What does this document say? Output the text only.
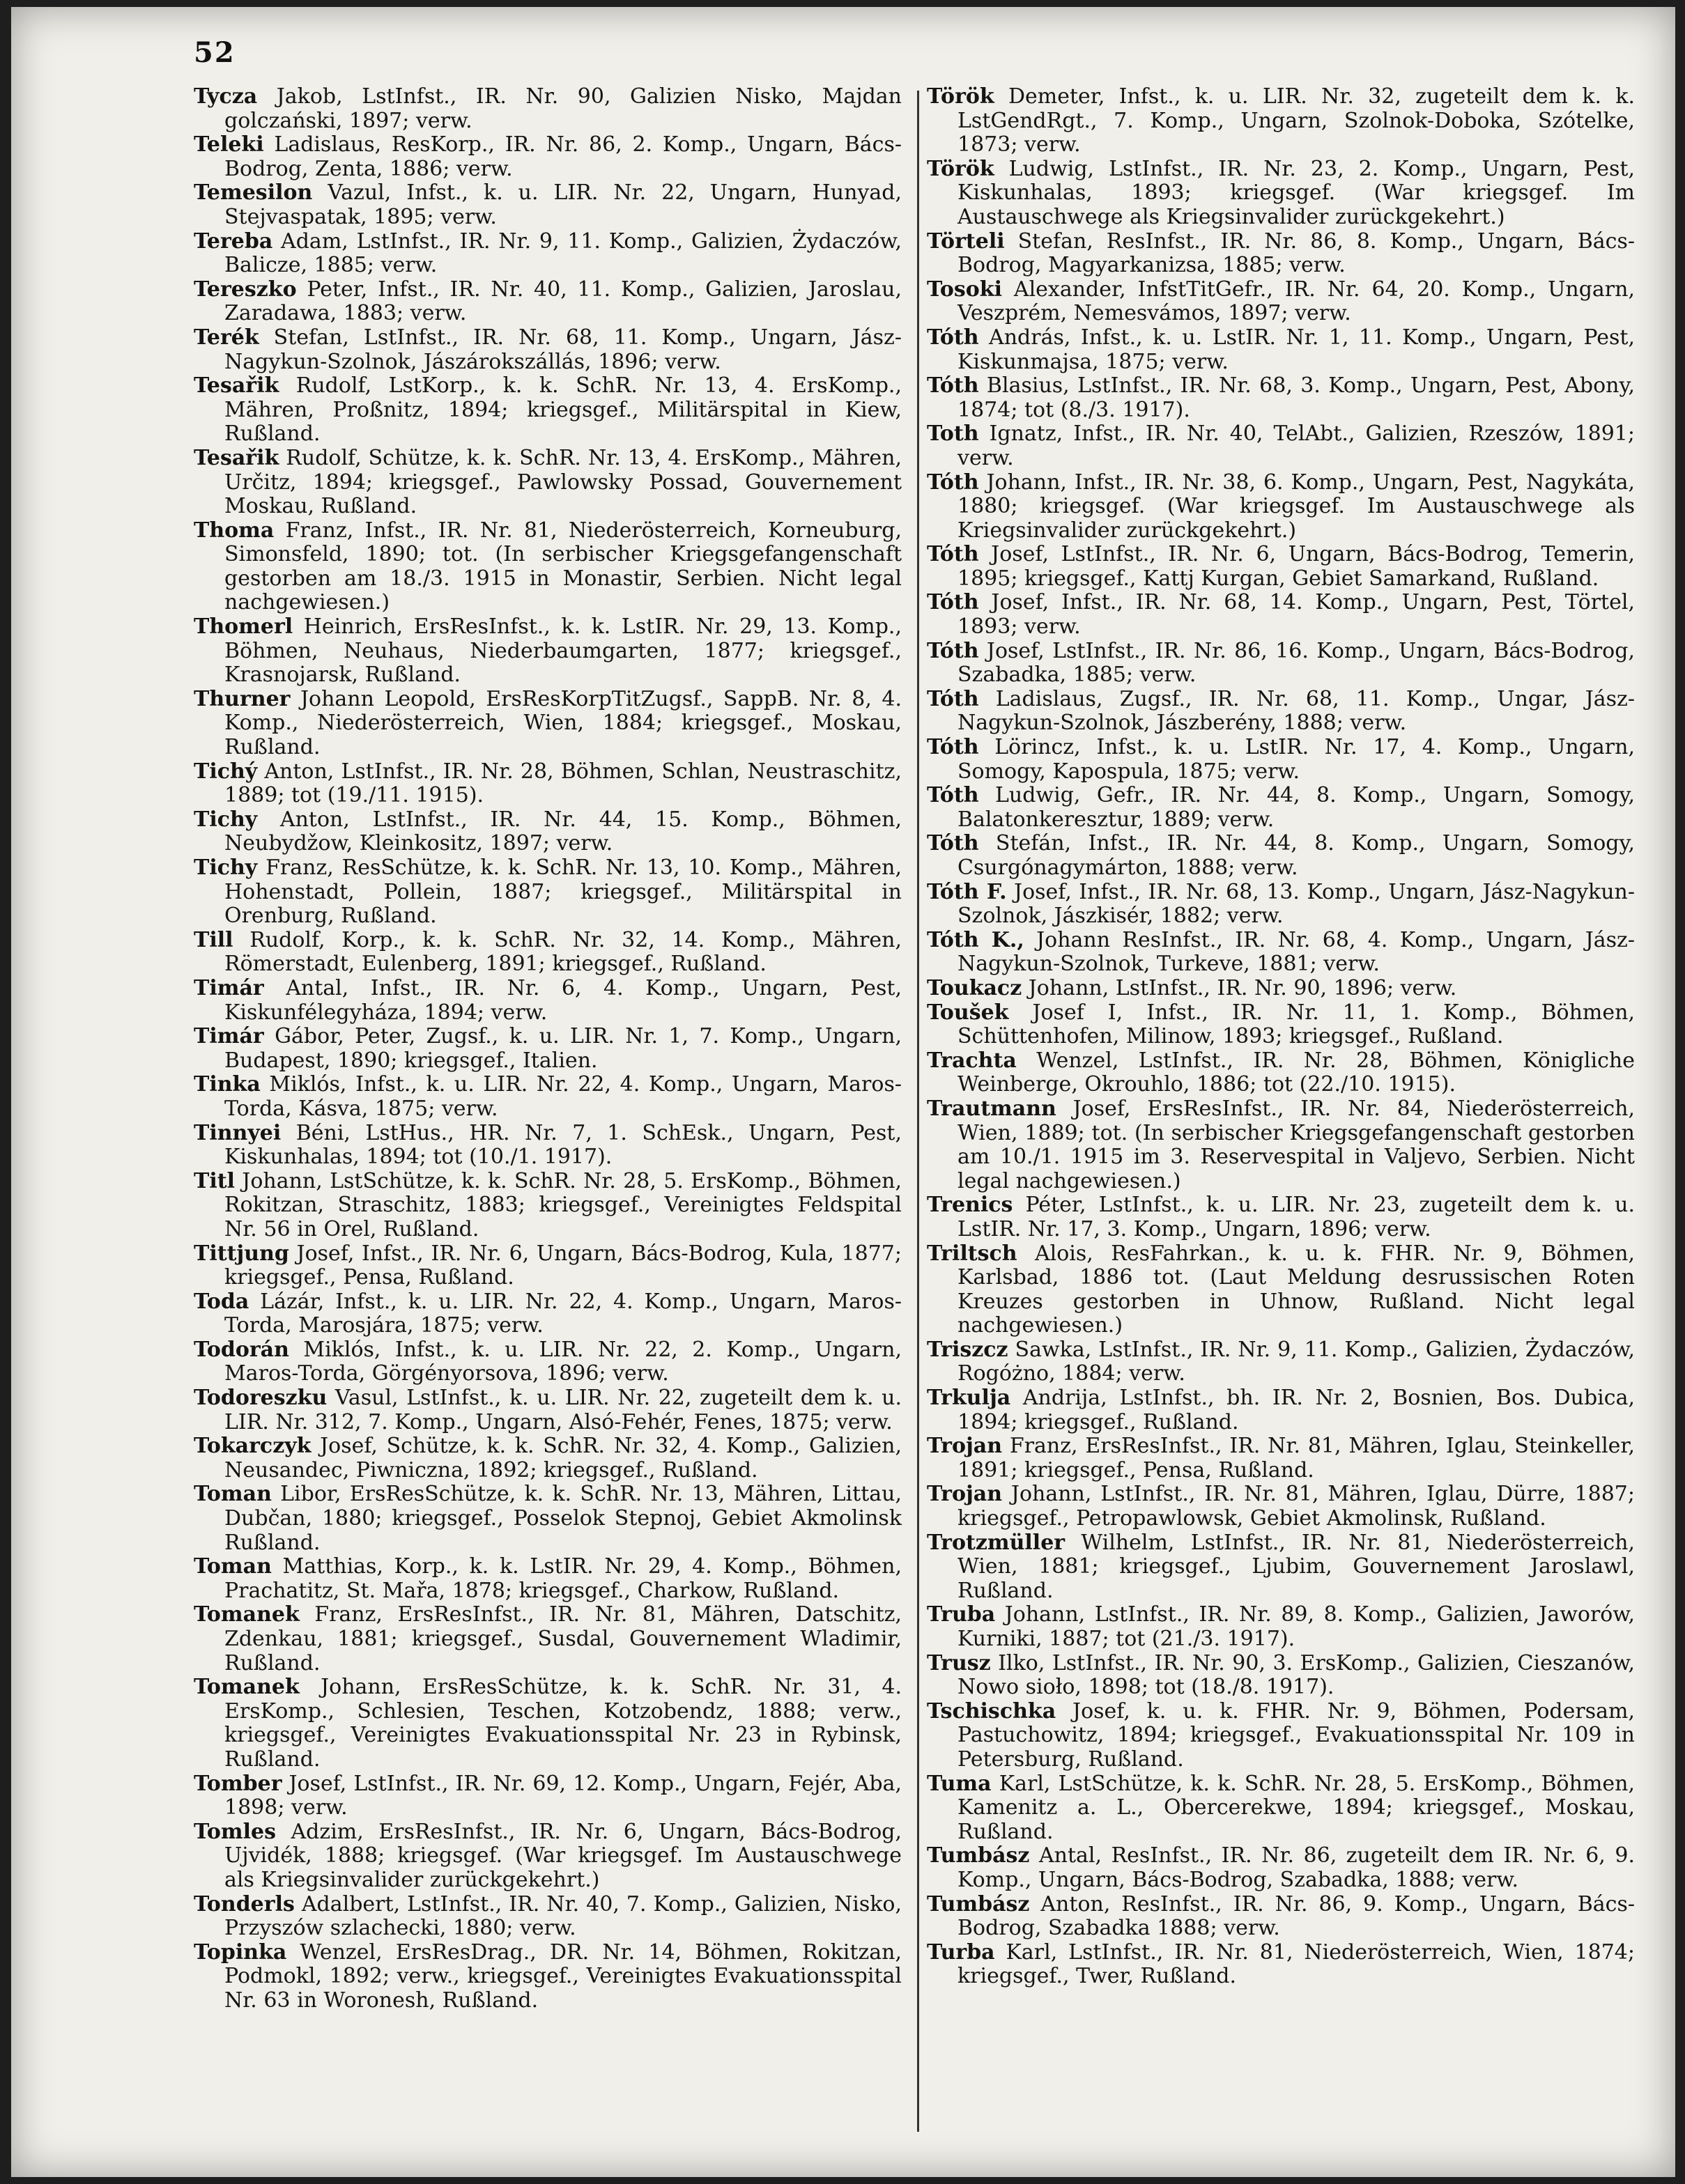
52

Tycza Jakob, LstInfst., IR. Nr. 90, Galizien Nisko, Majdan golczański, 1897; verw.

Teleki Ladislaus, ResKorp., IR. Nr. 86, 2. Komp., Ungarn, Bács-Bodrog, Zenta, 1886; verw.

Temesilon Vazul, Infst., k. u. LIR. Nr. 22, Ungarn, Hunyad, Stejvaspatak, 1895; verw.

Tereba Adam, LstInfst., IR. Nr. 9, 11. Komp., Galizien, Żydaczów, Balicze, 1885; verw.

Tereszko Peter, Infst., IR. Nr. 40, 11. Komp., Galizien, Jaroslau, Zaradawa, 1883; verw.

Terék Stefan, LstInfst., IR. Nr. 68, 11. Komp., Ungarn, Jász-Nagykun-Szolnok, Jászárokszállás, 1896; verw.

Tesařik Rudolf, LstKorp., k. k. SchR. Nr. 13, 4. ErsKomp., Mähren, Proßnitz, 1894; kriegsgef., Militärspital in Kiew, Rußland.

Tesařik Rudolf, Schütze, k. k. SchR. Nr. 13, 4. ErsKomp., Mähren, Určitz, 1894; kriegsgef., Pawlowsky Possad, Gouvernement Moskau, Rußland.

Thoma Franz, Infst., IR. Nr. 81, Niederösterreich, Korneuburg, Simonsfeld, 1890; tot. (In serbischer Kriegsgefangenschaft gestorben am 18./3. 1915 in Monastir, Serbien. Nicht legal nachgewiesen.)

Thomerl Heinrich, ErsResInfst., k. k. LstIR. Nr. 29, 13. Komp., Böhmen, Neuhaus, Niederbaumgarten, 1877; kriegsgef., Krasnojarsk, Rußland.

Thurner Johann Leopold, ErsResKorpTitZugsf., SappB. Nr. 8, 4. Komp., Niederösterreich, Wien, 1884; kriegsgef., Moskau, Rußland.

Tichý Anton, LstInfst., IR. Nr. 28, Böhmen, Schlan, Neustraschitz, 1889; tot (19./11. 1915).

Tichy Anton, LstInfst., IR. Nr. 44, 15. Komp., Böhmen, Neubydžow, Kleinkositz, 1897; verw.

Tichy Franz, ResSchütze, k. k. SchR. Nr. 13, 10. Komp., Mähren, Hohenstadt, Pollein, 1887; kriegsgef., Militärspital in Orenburg, Rußland.

Till Rudolf, Korp., k. k. SchR. Nr. 32, 14. Komp., Mähren, Römerstadt, Eulenberg, 1891; kriegsgef., Rußland.

Timár Antal, Infst., IR. Nr. 6, 4. Komp., Ungarn, Pest, Kiskunfélegyháza, 1894; verw.

Timár Gábor, Peter, Zugsf., k. u. LIR. Nr. 1, 7. Komp., Ungarn, Budapest, 1890; kriegsgef., Italien.

Tinka Miklós, Infst., k. u. LIR. Nr. 22, 4. Komp., Ungarn, Maros-Torda, Kásva, 1875; verw.

Tinnyei Béni, LstHus., HR. Nr. 7, 1. SchEsk., Ungarn, Pest, Kiskunhalas, 1894; tot (10./1. 1917).

Titl Johann, LstSchütze, k. k. SchR. Nr. 28, 5. ErsKomp., Böhmen, Rokitzan, Straschitz, 1883; kriegsgef., Vereinigtes Feldspital Nr. 56 in Orel, Rußland.

Tittjung Josef, Infst., IR. Nr. 6, Ungarn, Bács-Bodrog, Kula, 1877; kriegsgef., Pensa, Rußland.

Toda Lázár, Infst., k. u. LIR. Nr. 22, 4. Komp., Ungarn, Maros-Torda, Marosjára, 1875; verw.

Todorán Miklós, Infst., k. u. LIR. Nr. 22, 2. Komp., Ungarn, Maros-Torda, Görgényorsova, 1896; verw.

Todoreszku Vasul, LstInfst., k. u. LIR. Nr. 22, zugeteilt dem k. u. LIR. Nr. 312, 7. Komp., Ungarn, Alsó-Fehér, Fenes, 1875; verw.

Tokarczyk Josef, Schütze, k. k. SchR. Nr. 32, 4. Komp., Galizien, Neusandec, Piwniczna, 1892; kriegsgef., Rußland.

Toman Libor, ErsResSchütze, k. k. SchR. Nr. 13, Mähren, Littau, Dubčan, 1880; kriegsgef., Posselok Stepnoj, Gebiet Akmolinsk Rußland.

Toman Matthias, Korp., k. k. LstIR. Nr. 29, 4. Komp., Böhmen, Prachatitz, St. Mařa, 1878; kriegsgef., Charkow, Rußland.

Tomanek Franz, ErsResInfst., IR. Nr. 81, Mähren, Datschitz, Zdenkau, 1881; kriegsgef., Susdal, Gouvernement Wladimir, Rußland.

Tomanek Johann, ErsResSchütze, k. k. SchR. Nr. 31, 4. ErsKomp., Schlesien, Teschen, Kotzobendz, 1888; verw., kriegsgef., Vereinigtes Evakuationsspital Nr. 23 in Rybinsk, Rußland.

Tomber Josef, LstInfst., IR. Nr. 69, 12. Komp., Ungarn, Fejér, Aba, 1898; verw.

Tomles Adzim, ErsResInfst., IR. Nr. 6, Ungarn, Bács-Bodrog, Ujvidék, 1888; kriegsgef. (War kriegsgef. Im Austauschwege als Kriegsinvalider zurückgekehrt.)

Tonderls Adalbert, LstInfst., IR. Nr. 40, 7. Komp., Galizien, Nisko, Przyszów szlachecki, 1880; verw.

Topinka Wenzel, ErsResDrag., DR. Nr. 14, Böhmen, Rokitzan, Podmokl, 1892; verw., kriegsgef., Vereinigtes Evakuationsspital Nr. 63 in Woronesh, Rußland.

Török Demeter, Infst., k. u. LIR. Nr. 32, zugeteilt dem k. k. LstGendRgt., 7. Komp., Ungarn, Szolnok-Doboka, Szótelke, 1873; verw.

Török Ludwig, LstInfst., IR. Nr. 23, 2. Komp., Ungarn, Pest, Kiskunhalas, 1893; kriegsgef. (War kriegsgef. Im Austauschwege als Kriegsinvalider zurückgekehrt.)

Törteli Stefan, ResInfst., IR. Nr. 86, 8. Komp., Ungarn, Bács-Bodrog, Magyarkanizsa, 1885; verw.

Tosoki Alexander, InfstTitGefr., IR. Nr. 64, 20. Komp., Ungarn, Veszprém, Nemesvámos, 1897; verw.

Tóth András, Infst., k. u. LstIR. Nr. 1, 11. Komp., Ungarn, Pest, Kiskunmajsa, 1875; verw.

Tóth Blasius, LstInfst., IR. Nr. 68, 3. Komp., Ungarn, Pest, Abony, 1874; tot (8./3. 1917).

Toth Ignatz, Infst., IR. Nr. 40, TelAbt., Galizien, Rzeszów, 1891; verw.

Tóth Johann, Infst., IR. Nr. 38, 6. Komp., Ungarn, Pest, Nagykáta, 1880; kriegsgef. (War kriegsgef. Im Austauschwege als Kriegsinvalider zurückgekehrt.)

Tóth Josef, LstInfst., IR. Nr. 6, Ungarn, Bács-Bodrog, Temerin, 1895; kriegsgef., Kattj Kurgan, Gebiet Samarkand, Rußland.

Tóth Josef, Infst., IR. Nr. 68, 14. Komp., Ungarn, Pest, Törtel, 1893; verw.

Tóth Josef, LstInfst., IR. Nr. 86, 16. Komp., Ungarn, Bács-Bodrog, Szabadka, 1885; verw.

Tóth Ladislaus, Zugsf., IR. Nr. 68, 11. Komp., Ungar, Jász-Nagykun-Szolnok, Jászberény, 1888; verw.

Tóth Lörincz, Infst., k. u. LstIR. Nr. 17, 4. Komp., Ungarn, Somogy, Kapospula, 1875; verw.

Tóth Ludwig, Gefr., IR. Nr. 44, 8. Komp., Ungarn, Somogy, Balatonkeresztur, 1889; verw.

Tóth Stefán, Infst., IR. Nr. 44, 8. Komp., Ungarn, Somogy, Csurgónagymárton, 1888; verw.

Tóth F. Josef, Infst., IR. Nr. 68, 13. Komp., Ungarn, Jász-Nagykun-Szolnok, Jászkisér, 1882; verw.

Tóth K., Johann ResInfst., IR. Nr. 68, 4. Komp., Ungarn, Jász-Nagykun-Szolnok, Turkeve, 1881; verw.

Toukacz Johann, LstInfst., IR. Nr. 90, 1896; verw.

Toušek Josef I, Infst., IR. Nr. 11, 1. Komp., Böhmen, Schüttenhofen, Milinow, 1893; kriegsgef., Rußland.

Trachta Wenzel, LstInfst., IR. Nr. 28, Böhmen, Königliche Weinberge, Okrouhlo, 1886; tot (22./10. 1915).

Trautmann Josef, ErsResInfst., IR. Nr. 84, Niederösterreich, Wien, 1889; tot. (In serbischer Kriegsgefangenschaft gestorben am 10./1. 1915 im 3. Reservespital in Valjevo, Serbien. Nicht legal nachgewiesen.)

Trenics Péter, LstInfst., k. u. LIR. Nr. 23, zugeteilt dem k. u. LstIR. Nr. 17, 3. Komp., Ungarn, 1896; verw.

Triltsch Alois, ResFahrkan., k. u. k. FHR. Nr. 9, Böhmen, Karlsbad, 1886 tot. (Laut Meldung desrussischen Roten Kreuzes gestorben in Uhnow, Rußland. Nicht legal nachgewiesen.)

Triszcz Sawka, LstInfst., IR. Nr. 9, 11. Komp., Galizien, Żydaczów, Rogóżno, 1884; verw.

Trkulja Andrija, LstInfst., bh. IR. Nr. 2, Bosnien, Bos. Dubica, 1894; kriegsgef., Rußland.

Trojan Franz, ErsResInfst., IR. Nr. 81, Mähren, Iglau, Steinkeller, 1891; kriegsgef., Pensa, Rußland.

Trojan Johann, LstInfst., IR. Nr. 81, Mähren, Iglau, Dürre, 1887; kriegsgef., Petropawlowsk, Gebiet Akmolinsk, Rußland.

Trotzmüller Wilhelm, LstInfst., IR. Nr. 81, Niederösterreich, Wien, 1881; kriegsgef., Ljubim, Gouvernement Jaroslawl, Rußland.

Truba Johann, LstInfst., IR. Nr. 89, 8. Komp., Galizien, Jaworów, Kurniki, 1887; tot (21./3. 1917).

Trusz Ilko, LstInfst., IR. Nr. 90, 3. ErsKomp., Galizien, Cieszanów, Nowo sioło, 1898; tot (18./8. 1917).

Tschischka Josef, k. u. k. FHR. Nr. 9, Böhmen, Podersam, Pastuchowitz, 1894; kriegsgef., Evakuationsspital Nr. 109 in Petersburg, Rußland.

Tuma Karl, LstSchütze, k. k. SchR. Nr. 28, 5. ErsKomp., Böhmen, Kamenitz a. L., Obercerekwe, 1894; kriegsgef., Moskau, Rußland.

Tumbász Antal, ResInfst., IR. Nr. 86, zugeteilt dem IR. Nr. 6, 9. Komp., Ungarn, Bács-Bodrog, Szabadka, 1888; verw.

Tumbász Anton, ResInfst., IR. Nr. 86, 9. Komp., Ungarn, Bács-Bodrog, Szabadka 1888; verw.

Turba Karl, LstInfst., IR. Nr. 81, Niederösterreich, Wien, 1874; kriegsgef., Twer, Rußland.
